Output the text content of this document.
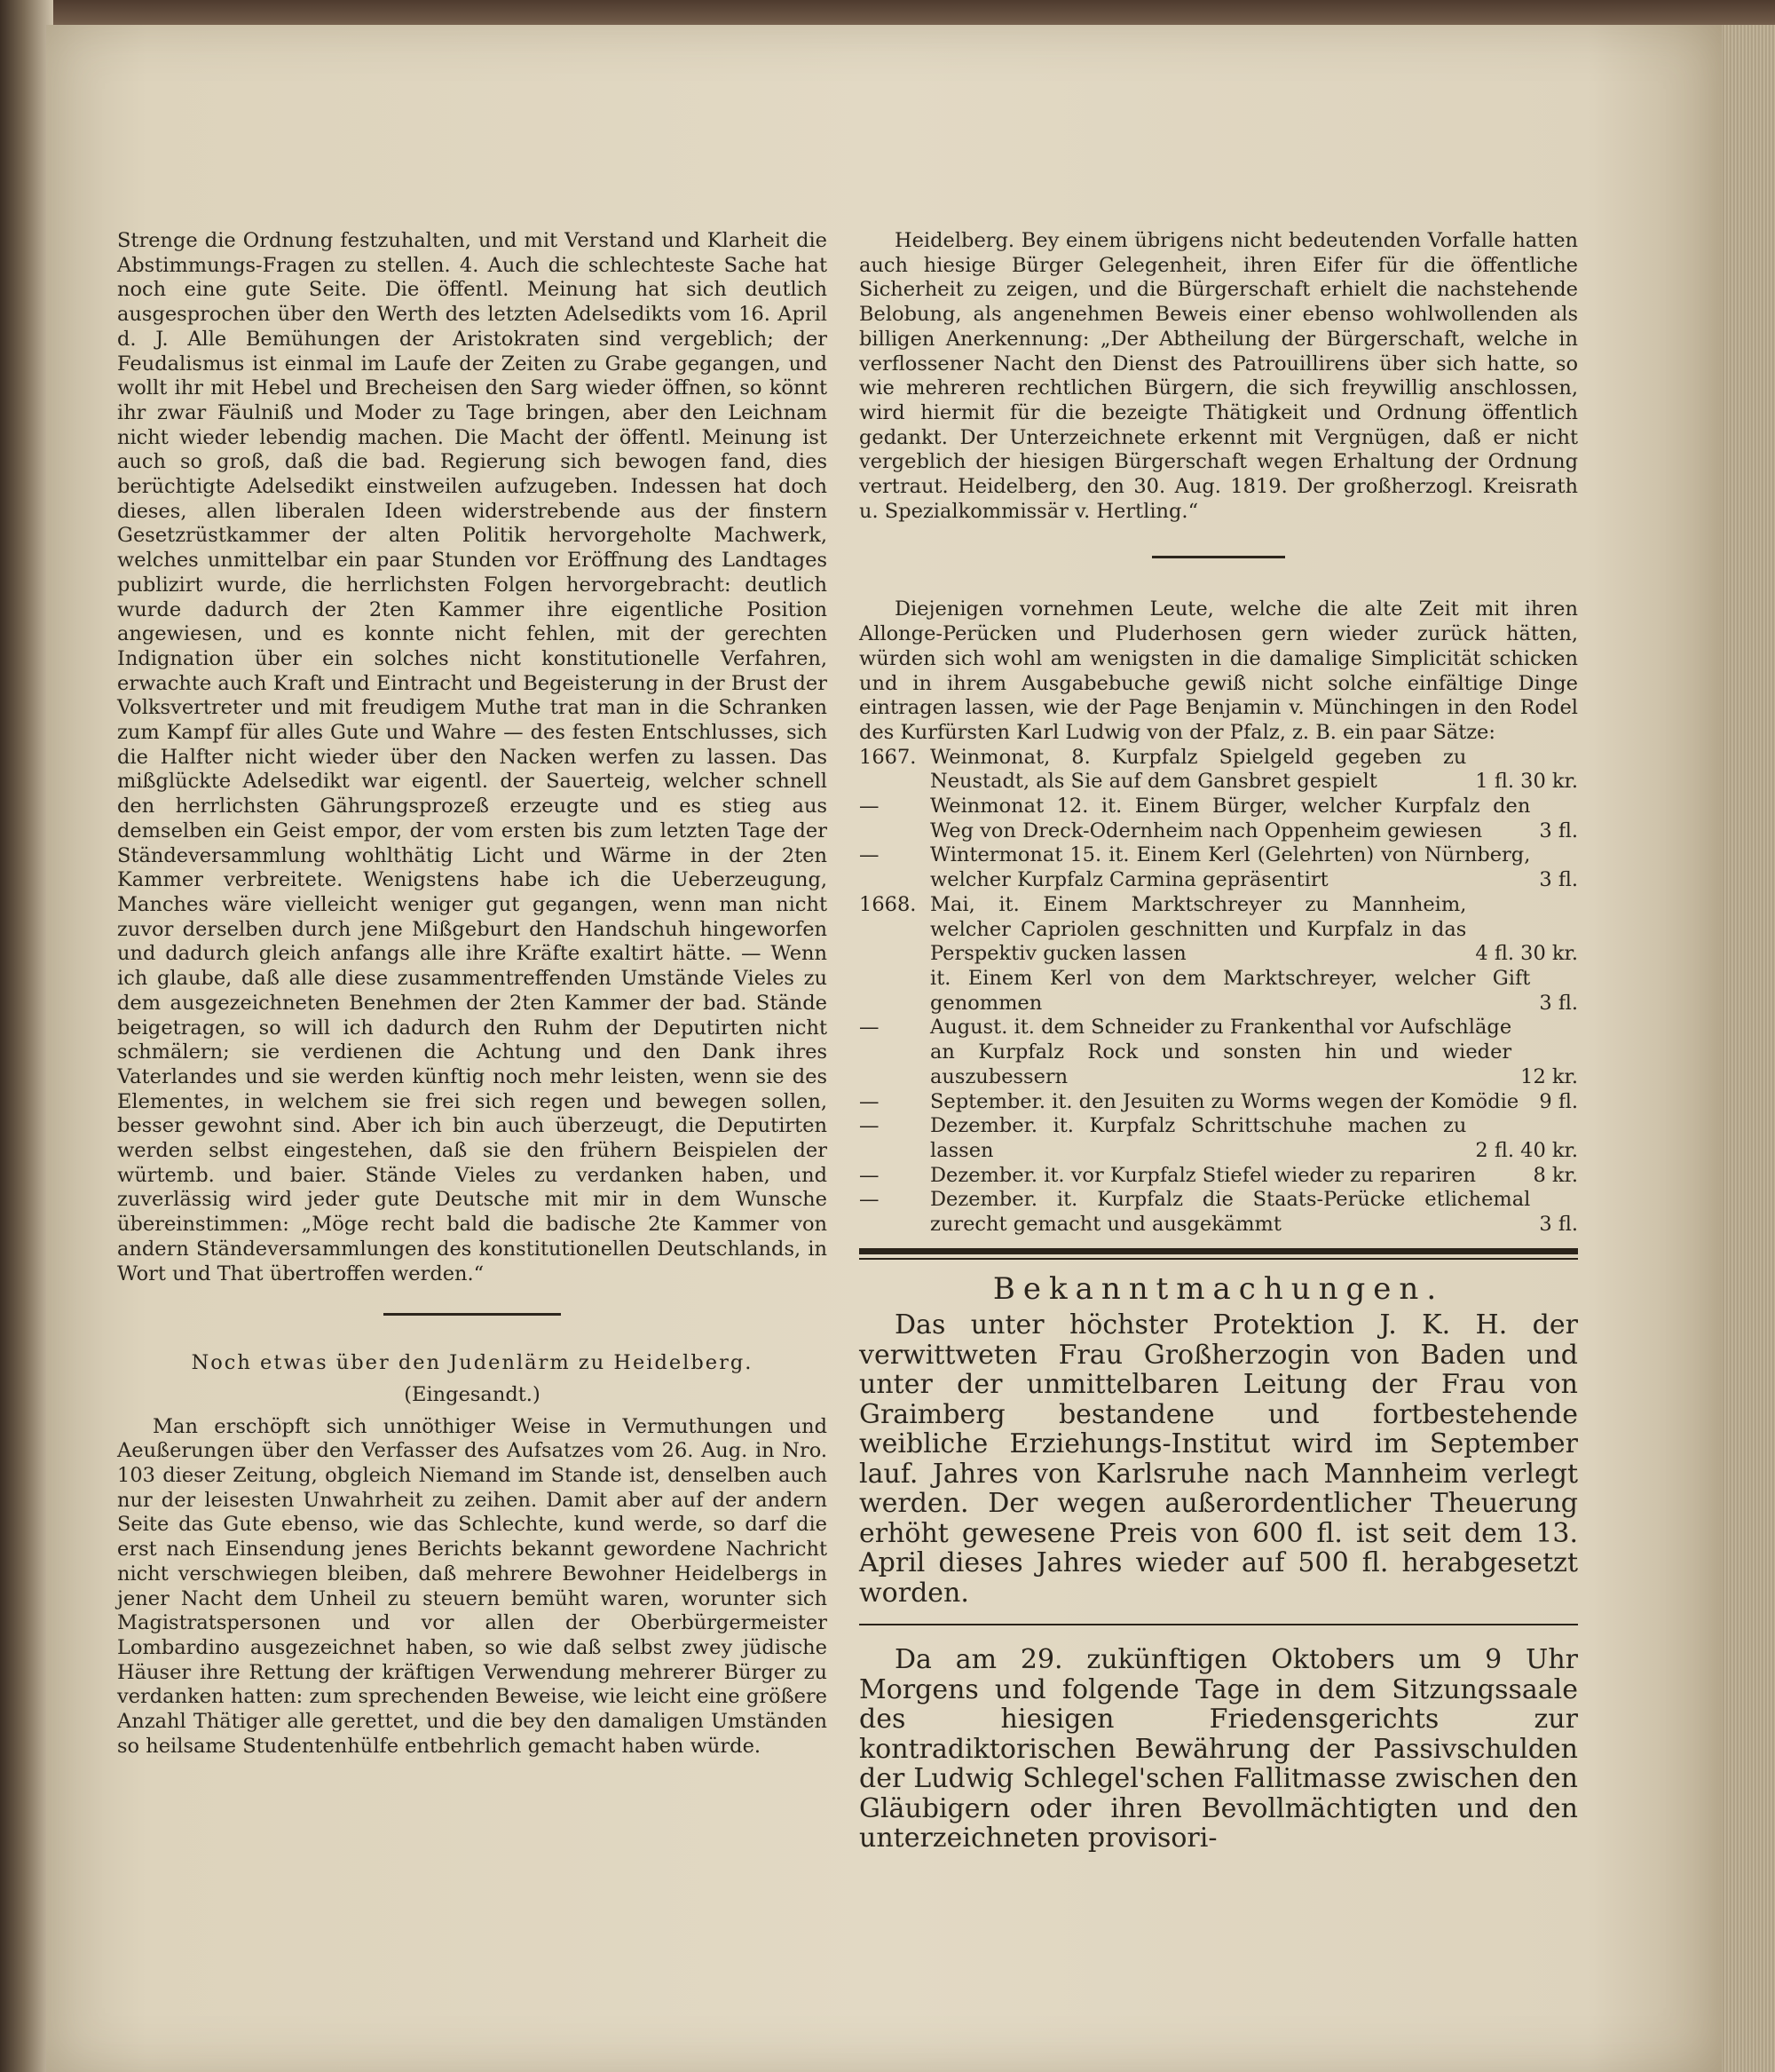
Strenge die Ordnung festzuhalten, und mit Verstand und Klarheit die Abstimmungs-Fragen zu stellen. 4. Auch die schlechteste Sache hat noch eine gute Seite. Die öffentl. Meinung hat sich deutlich ausgesprochen über den Werth des letzten Adelsedikts vom 16. April d. J. Alle Bemühungen der Aristokraten sind vergeblich; der Feudalismus ist einmal im Laufe der Zeiten zu Grabe gegangen, und wollt ihr mit Hebel und Brecheisen den Sarg wieder öffnen, so könnt ihr zwar Fäulniß und Moder zu Tage bringen, aber den Leichnam nicht wieder lebendig machen. Die Macht der öffentl. Meinung ist auch so groß, daß die bad. Regierung sich bewogen fand, dies berüchtigte Adelsedikt einstweilen aufzugeben. Indessen hat doch dieses, allen liberalen Ideen widerstrebende aus der finstern Gesetzrüstkammer der alten Politik hervorgeholte Machwerk, welches unmittelbar ein paar Stunden vor Eröffnung des Landtages publizirt wurde, die herrlichsten Folgen hervorgebracht: deutlich wurde dadurch der 2ten Kammer ihre eigentliche Position angewiesen, und es konnte nicht fehlen, mit der gerechten Indignation über ein solches nicht konstitutionelle Verfahren, erwachte auch Kraft und Eintracht und Begeisterung in der Brust der Volksvertreter und mit freudigem Muthe trat man in die Schranken zum Kampf für alles Gute und Wahre — des festen Entschlusses, sich die Halfter nicht wieder über den Nacken werfen zu lassen. Das mißglückte Adelsedikt war eigentl. der Sauerteig, welcher schnell den herrlichsten Gährungsprozeß erzeugte und es stieg aus demselben ein Geist empor, der vom ersten bis zum letzten Tage der Ständeversammlung wohlthätig Licht und Wärme in der 2ten Kammer verbreitete. Wenigstens habe ich die Ueberzeugung, Manches wäre vielleicht weniger gut gegangen, wenn man nicht zuvor derselben durch jene Mißgeburt den Handschuh hingeworfen und dadurch gleich anfangs alle ihre Kräfte exaltirt hätte. — Wenn ich glaube, daß alle diese zusammentreffenden Umstände Vieles zu dem ausgezeichneten Benehmen der 2ten Kammer der bad. Stände beigetragen, so will ich dadurch den Ruhm der Deputirten nicht schmälern; sie verdienen die Achtung und den Dank ihres Vaterlandes und sie werden künftig noch mehr leisten, wenn sie des Elementes, in welchem sie frei sich regen und bewegen sollen, besser gewohnt sind. Aber ich bin auch überzeugt, die Deputirten werden selbst eingestehen, daß sie den frühern Beispielen der würtemb. und baier. Stände Vieles zu verdanken haben, und zuverlässig wird jeder gute Deutsche mit mir in dem Wunsche übereinstimmen: „Möge recht bald die badische 2te Kammer von andern Ständeversammlungen des konstitutionellen Deutschlands, in Wort und That übertroffen werden.“

Noch etwas über den Judenlärm zu Heidelberg.

(Eingesandt.)

Man erschöpft sich unnöthiger Weise in Vermuthungen und Aeußerungen über den Verfasser des Aufsatzes vom 26. Aug. in Nro. 103 dieser Zeitung, obgleich Niemand im Stande ist, denselben auch nur der leisesten Unwahrheit zu zeihen. Damit aber auf der andern Seite das Gute ebenso, wie das Schlechte, kund werde, so darf die erst nach Einsendung jenes Berichts bekannt gewordene Nachricht nicht verschwiegen bleiben, daß mehrere Bewohner Heidelbergs in jener Nacht dem Unheil zu steuern bemüht waren, worunter sich Magistratspersonen und vor allen der Oberbürgermeister Lombardino ausgezeichnet haben, so wie daß selbst zwey jüdische Häuser ihre Rettung der kräftigen Verwendung mehrerer Bürger zu verdanken hatten: zum sprechenden Beweise, wie leicht eine größere Anzahl Thätiger alle gerettet, und die bey den damaligen Umständen so heilsame Studentenhülfe entbehrlich gemacht haben würde.

Heidelberg. Bey einem übrigens nicht bedeutenden Vorfalle hatten auch hiesige Bürger Gelegenheit, ihren Eifer für die öffentliche Sicherheit zu zeigen, und die Bürgerschaft erhielt die nachstehende Belobung, als angenehmen Beweis einer ebenso wohlwollenden als billigen Anerkennung: „Der Abtheilung der Bürgerschaft, welche in verflossener Nacht den Dienst des Patrouillirens über sich hatte, so wie mehreren rechtlichen Bürgern, die sich freywillig anschlossen, wird hiermit für die bezeigte Thätigkeit und Ordnung öffentlich gedankt. Der Unterzeichnete erkennt mit Vergnügen, daß er nicht vergeblich der hiesigen Bürgerschaft wegen Erhaltung der Ordnung vertraut. Heidelberg, den 30. Aug. 1819. Der großherzogl. Kreisrath u. Spezialkommissär v. Hertling.“

Diejenigen vornehmen Leute, welche die alte Zeit mit ihren Allonge-Perücken und Pluderhosen gern wieder zurück hätten, würden sich wohl am wenigsten in die damalige Simplicität schicken und in ihrem Ausgabebuche gewiß nicht solche einfältige Dinge eintragen lassen, wie der Page Benjamin v. Münchingen in den Rodel des Kurfürsten Karl Ludwig von der Pfalz, z. B. ein paar Sätze:

1667. Weinmonat, 8. Kurpfalz Spielgeld gegeben zu Neustadt, als Sie auf dem Gansbret gespielt	1 fl. 30 kr.
—	Weinmonat 12. it. Einem Bürger, welcher Kurpfalz den Weg von Dreck-Odernheim nach Oppenheim gewiesen	3 fl.
—	Wintermonat 15. it. Einem Kerl (Gelehrten) von Nürnberg, welcher Kurpfalz Carmina gepräsentirt	3 fl.
1668. Mai, it. Einem Marktschreyer zu Mannheim, welcher Capriolen geschnitten und Kurpfalz in das Perspektiv gucken lassen	4 fl. 30 kr.
it. Einem Kerl von dem Marktschreyer, welcher Gift genommen	3 fl.
—	August. it. dem Schneider zu Frankenthal vor Aufschläge an Kurpfalz Rock und sonsten hin und wieder auszubessern	12 kr.
—	September. it. den Jesuiten zu Worms wegen der Komödie	9 fl.
—	Dezember. it. Kurpfalz Schrittschuhe machen zu lassen	2 fl. 40 kr.
—	Dezember. it. vor Kurpfalz Stiefel wieder zu repariren	8 kr.
—	Dezember. it. Kurpfalz die Staats-Perücke etlichemal zurecht gemacht und ausgekämmt	3 fl.

Bekanntmachungen.

Das unter höchster Protektion J. K. H. der verwittweten Frau Großherzogin von Baden und unter der unmittelbaren Leitung der Frau von Graimberg bestandene und fortbestehende weibliche Erziehungs-Institut wird im September lauf. Jahres von Karlsruhe nach Mannheim verlegt werden. Der wegen außerordentlicher Theuerung erhöht gewesene Preis von 600 fl. ist seit dem 13. April dieses Jahres wieder auf 500 fl. herabgesetzt worden.

Da am 29. zukünftigen Oktobers um 9 Uhr Morgens und folgende Tage in dem Sitzungssaale des hiesigen Friedensgerichts zur kontradiktorischen Bewährung der Passivschulden der Ludwig Schlegel'schen Fallitmasse zwischen den Gläubigern oder ihren Bevollmächtigten und den unterzeichneten provisori-
